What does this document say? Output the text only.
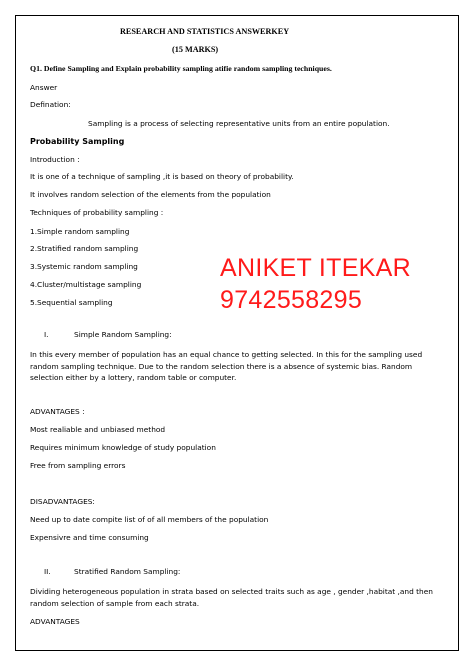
RESEARCH AND STATISTICS ANSWERKEY
(15 MARKS)
Q1. Define Sampling and Explain probability sampling atifie random sampling techniques.
Answer
Defination:
Sampling is a process of selecting representative units from an entire population.
Probability Sampling
Introduction :
It is one of a technique of sampling ,it is based on theory of probability.
It involves random selection of the elements from the population
Techniques of probability sampling :
1.Simple random sampling
2.Stratified random sampling
3.Systemic random sampling
4.Cluster/multistage sampling
5.Sequential sampling
I.	Simple Random Sampling:
In this every member of population has an equal chance to getting selected. In this for the sampling used random sampling technique. Due to the random selection there is a absence of systemic bias. Random selection either by a lottery, random table or computer.
ADVANTAGES :
Most realiable and unbiased method
Requires minimum knowledge of study population
Free from sampling errors
DISADVANTAGES:
Need up to date compite list of of all members of the population
Expensivre and time consuming
II.	Stratified Random Sampling:
Dividing heterogeneous population in strata based on selected traits such as age , gender ,habitat ,and then random selection of sample from each strata.
ADVANTAGES
ANIKET ITEKAR
9742558295
